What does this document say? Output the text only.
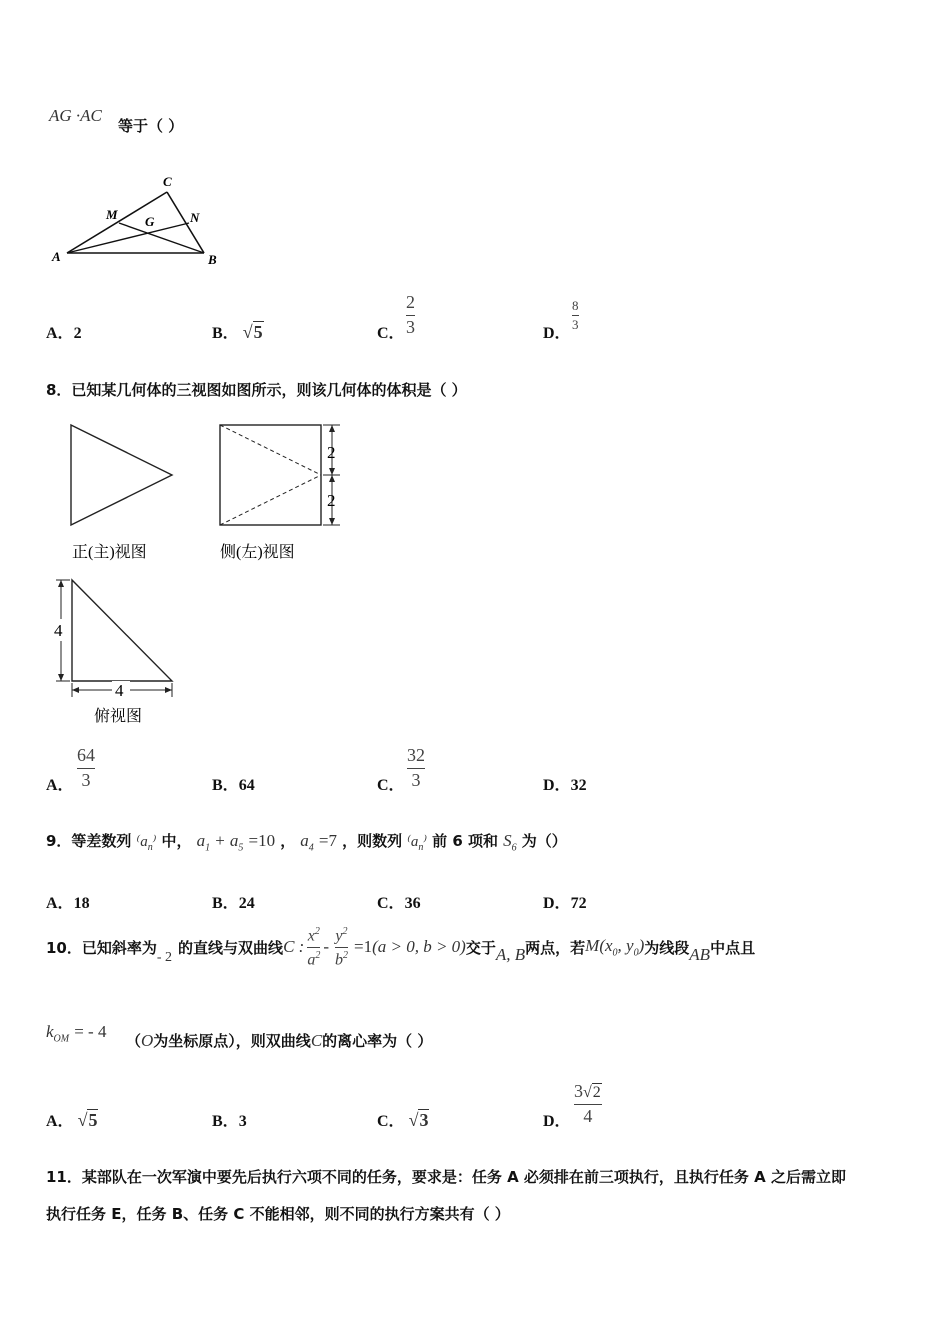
AG ·AC
等于（ ）
A	B
C
M	N
G
A．2	B． √5	C．
2
3	D．
8
3
8．已知某几何体的三视图如图所示，则该几何体的体积是（ ）
2
2
正(主)视图	侧(左)视图
4
4
俯视图
A．
64
3	B．64	C．
32
3	D．32
9．等差数列 $^(a_n^)$ 中， $a_1 + a_5 =10$ ， $a_4 =7$ ，则数列 $^(a_n^)$ 前 6 项和 $S_6$ 为（）
A．18	B．24	C．36	D．72
10．已知斜率为
- 2
的直线与双曲线 C : $\frac{x^2}{a^2} - \frac{y^2}{b^2} =1$ (a > 0, b > 0) 交于 A, B 两点，若 $M(x_0$, $y_0$) 为线段 AB 中点且
$k_{OM}$ = - 4 （O为坐标原点），则双曲线C的离心率为（ ）
A． √5	B．3	C． √3	D．
3√2
4
11．某部队在一次军演中要先后执行六项不同的任务，要求是：任务 A 必须排在前三项执行，且执行任务 A 之后需立即
执行任务 E，任务 B、任务 C 不能相邻，则不同的执行方案共有（ ）
